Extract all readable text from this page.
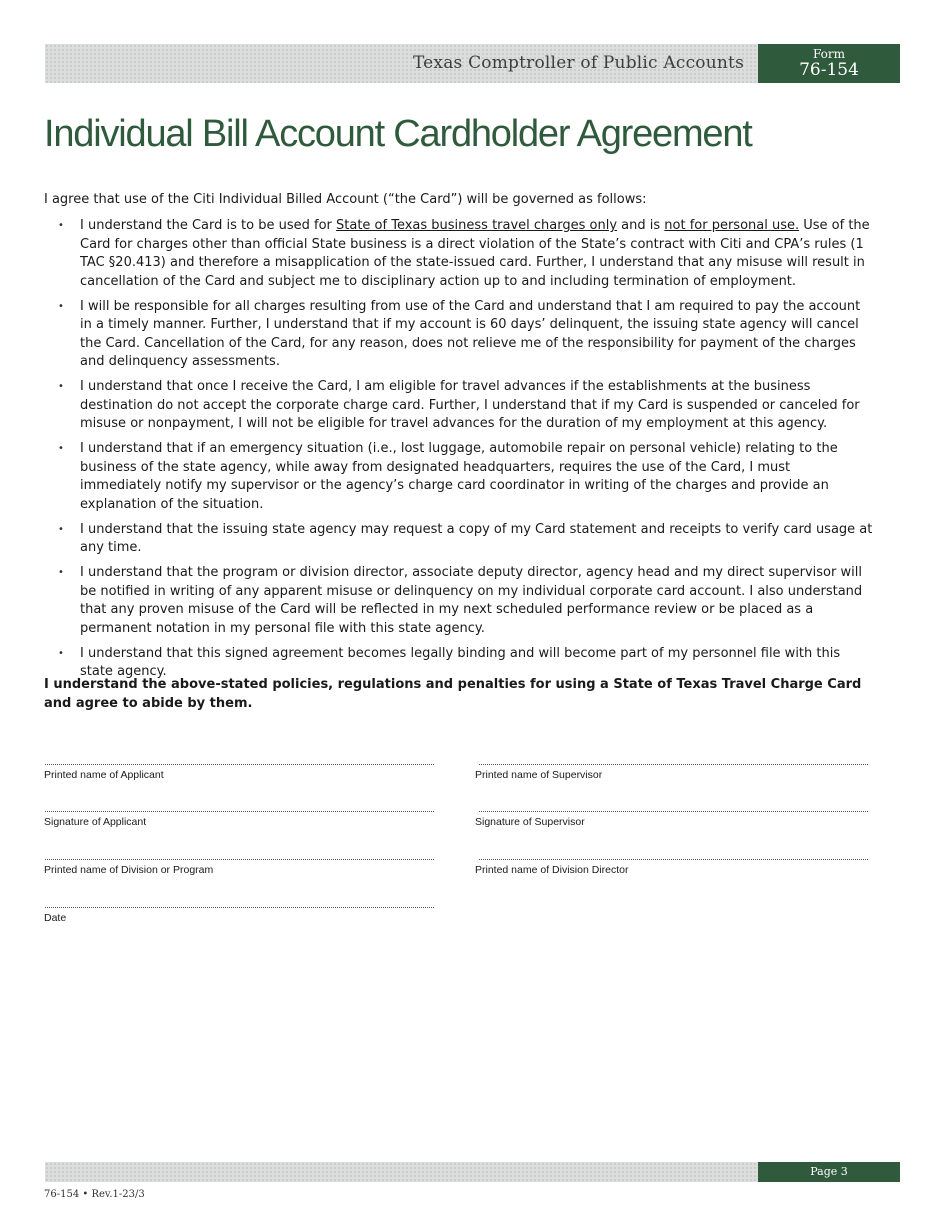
Texas Comptroller of Public Accounts	Form
76-154
Individual Bill Account Cardholder Agreement

I agree that use of the Citi Individual Billed Account (“the Card”) will be governed as follows:

• I understand the Card is to be used for State of Texas business travel charges only and is not for personal use. Use of the Card for charges other than official State business is a direct violation of the State’s contract with Citi and CPA’s rules (1 TAC §20.413) and therefore a misapplication of the state-issued card. Further, I understand that any misuse will result in cancellation of the Card and subject me to disciplinary action up to and including termination of employment.
• I will be responsible for all charges resulting from use of the Card and understand that I am required to pay the account in a timely manner. Further, I understand that if my account is 60 days’ delinquent, the issuing state agency will cancel the Card. Cancellation of the Card, for any reason, does not relieve me of the responsibility for payment of the charges and delinquency assessments.
• I understand that once I receive the Card, I am eligible for travel advances if the establishments at the business destination do not accept the corporate charge card. Further, I understand that if my Card is suspended or canceled for misuse or nonpayment, I will not be eligible for travel advances for the duration of my employment at this agency.
• I understand that if an emergency situation (i.e., lost luggage, automobile repair on personal vehicle) relating to the business of the state agency, while away from designated headquarters, requires the use of the Card, I must immediately notify my supervisor or the agency’s charge card coordinator in writing of the charges and provide an explanation of the situation.
• I understand that the issuing state agency may request a copy of my Card statement and receipts to verify card usage at any time.
• I understand that the program or division director, associate deputy director, agency head and my direct supervisor will be notified in writing of any apparent misuse or delinquency on my individual corporate card account. I also understand that any proven misuse of the Card will be reflected in my next scheduled performance review or be placed as a permanent notation in my personal file with this state agency.
• I understand that this signed agreement becomes legally binding and will become part of my personnel file with this state agency.

I understand the above-stated policies, regulations and penalties for using a State of Texas Travel Charge Card and agree to abide by them.

Printed name of Applicant	Printed name of Supervisor
Signature of Applicant	Signature of Supervisor
Printed name of Division or Program	Printed name of Division Director
Date
Page 3
76-154 • Rev.1-23/3
